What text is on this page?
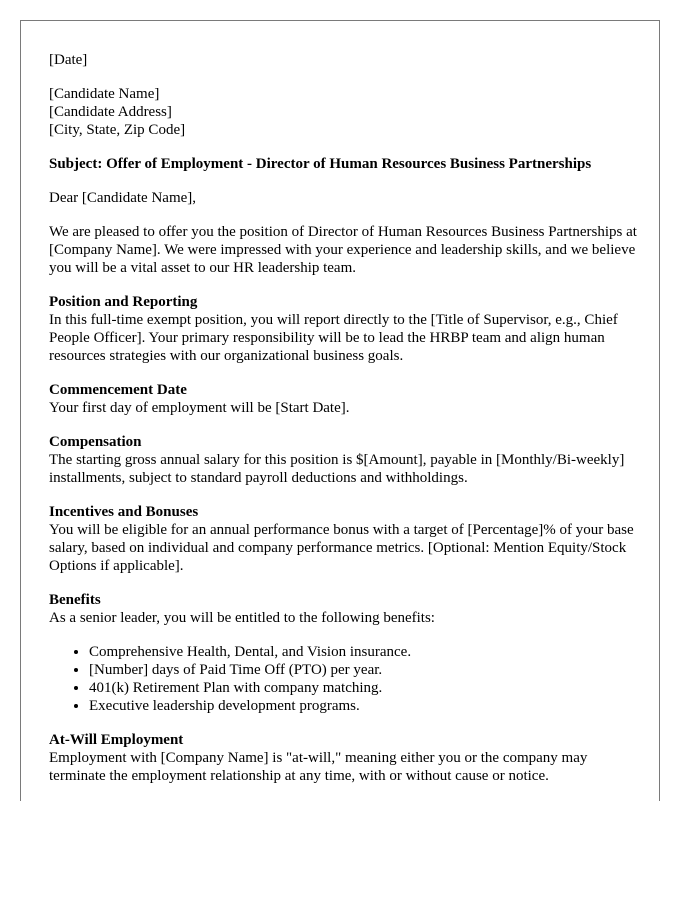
[Date]
[Candidate Name]
[Candidate Address]
[City, State, Zip Code]
Subject: Offer of Employment - Director of Human Resources Business Partnerships

Dear [Candidate Name],

We are pleased to offer you the position of Director of Human Resources Business Partnerships at [Company Name]. We were impressed with your experience and leadership skills, and we believe you will be a vital asset to our HR leadership team.

Position and Reporting

In this full-time exempt position, you will report directly to the [Title of Supervisor, e.g., Chief People Officer]. Your primary responsibility will be to lead the HRBP team and align human resources strategies with our organizational business goals.

Commencement Date

Your first day of employment will be [Start Date].

Compensation

The starting gross annual salary for this position is $[Amount], payable in [Monthly/Bi-weekly] installments, subject to standard payroll deductions and withholdings.

Incentives and Bonuses

You will be eligible for an annual performance bonus with a target of [Percentage]% of your base salary, based on individual and company performance metrics. [Optional: Mention Equity/Stock Options if applicable].

Benefits

As a senior leader, you will be entitled to the following benefits:

• Comprehensive Health, Dental, and Vision insurance.
• [Number] days of Paid Time Off (PTO) per year.
• 401(k) Retirement Plan with company matching.
• Executive leadership development programs.
At-Will Employment

Employment with [Company Name] is "at-will," meaning either you or the company may terminate the employment relationship at any time, with or without cause or notice.
